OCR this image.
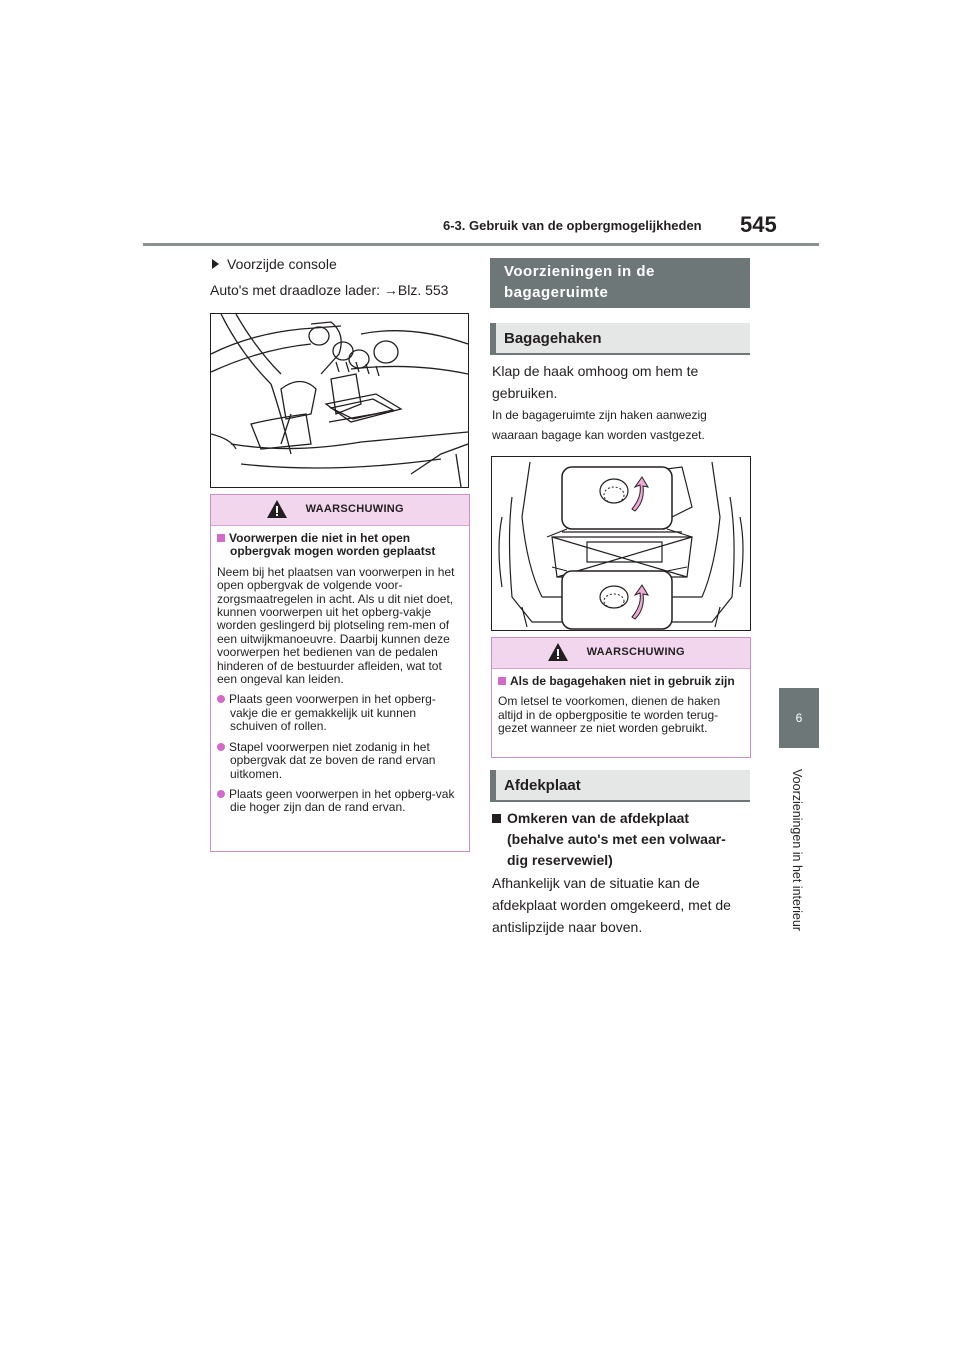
6-3. Gebruik van de opbergmogelijkheden 545
6
Voorzieningen in het interieur
Voorzijde console
Auto's met draadloze lader: →Blz. 553
WAARSCHUWING
Voorwerpen die niet in het open opbergvak mogen worden geplaatst
Neem bij het plaatsen van voorwerpen in het open opbergvak de volgende voor-zorgsmaatregelen in acht. Als u dit niet doet, kunnen voorwerpen uit het opberg-vakje worden geslingerd bij plotseling rem-men of een uitwijkmanoeuvre. Daarbij kunnen deze voorwerpen het bedienen van de pedalen hinderen of de bestuurder afleiden, wat tot een ongeval kan leiden.
Plaats geen voorwerpen in het opberg-vakje die er gemakkelijk uit kunnen schuiven of rollen.
Stapel voorwerpen niet zodanig in het opbergvak dat ze boven de rand ervan uitkomen.
Plaats geen voorwerpen in het opberg-vak die hoger zijn dan de rand ervan.
Voorzieningen in de bagageruimte
Bagagehaken
Klap de haak omhoog om hem te
gebruiken.
In de bagageruimte zijn haken aanwezig
waaraan bagage kan worden vastgezet.
WAARSCHUWING
Als de bagagehaken niet in gebruik zijn
Om letsel te voorkomen, dienen de haken altijd in de opbergpositie te worden terug-gezet wanneer ze niet worden gebruikt.
Afdekplaat
Omkeren van de afdekplaat
(behalve auto's met een volwaar-
dig reservewiel)
Afhankelijk van de situatie kan de
afdekplaat worden omgekeerd, met de
antislipzijde naar boven.
